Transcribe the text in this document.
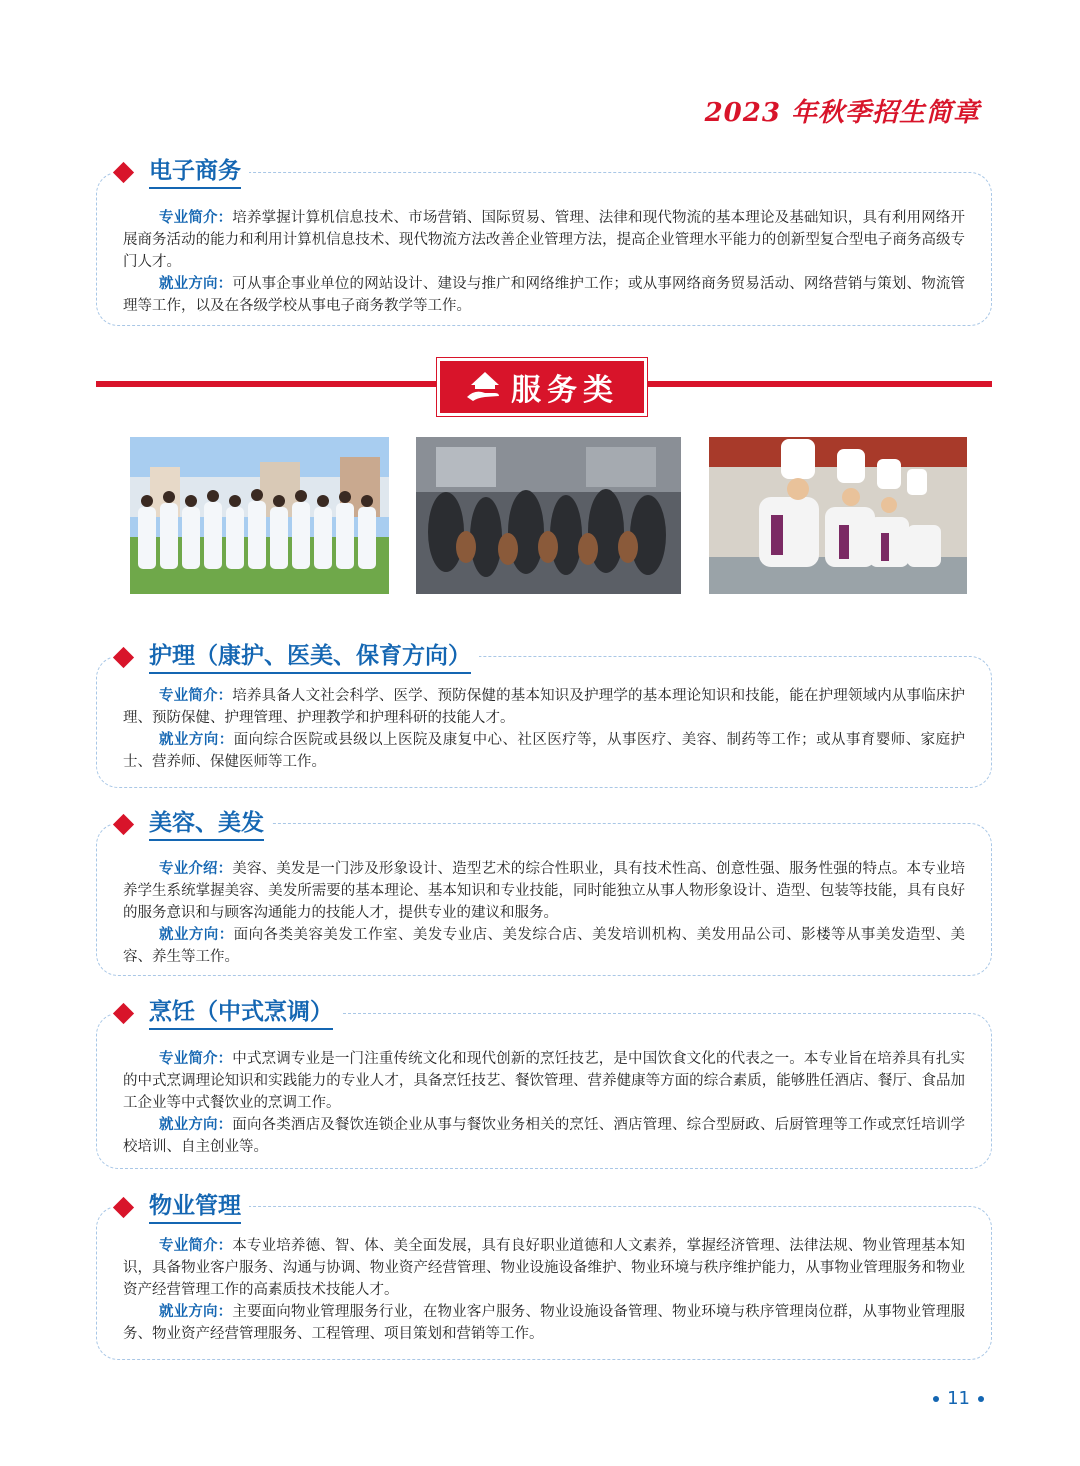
2023 年秋季招生简章

专业简介：培养掌握计算机信息技术、市场营销、国际贸易、管理、法律和现代物流的基本理论及基础知识，具有利用网络开展商务活动的能力和利用计算机信息技术、现代物流方法改善企业管理方法，提高企业管理水平能力的创新型复合型电子商务高级专门人才。

就业方向：可从事企事业单位的网站设计、建设与推广和网络维护工作；或从事网络商务贸易活动、网络营销与策划、物流管理等工作，以及在各级学校从事电子商务教学等工作。

电子商务
服务类

专业简介：培养具备人文社会科学、医学、预防保健的基本知识及护理学的基本理论知识和技能，能在护理领域内从事临床护理、预防保健、护理管理、护理教学和护理科研的技能人才。

就业方向：面向综合医院或县级以上医院及康复中心、社区医疗等，从事医疗、美容、制药等工作；或从事育婴师、家庭护士、营养师、保健医师等工作。

护理（康护、医美、保育方向）

专业介绍：美容、美发是一门涉及形象设计、造型艺术的综合性职业，具有技术性高、创意性强、服务性强的特点。本专业培养学生系统掌握美容、美发所需要的基本理论、基本知识和专业技能，同时能独立从事人物形象设计、造型、包装等技能，具有良好的服务意识和与顾客沟通能力的技能人才，提供专业的建议和服务。

就业方向：面向各类美容美发工作室、美发专业店、美发综合店、美发培训机构、美发用品公司、影楼等从事美发造型、美容、养生等工作。

美容、美发

专业简介：中式烹调专业是一门注重传统文化和现代创新的烹饪技艺，是中国饮食文化的代表之一。本专业旨在培养具有扎实的中式烹调理论知识和实践能力的专业人才，具备烹饪技艺、餐饮管理、营养健康等方面的综合素质，能够胜任酒店、餐厅、食品加工企业等中式餐饮业的烹调工作。

就业方向：面向各类酒店及餐饮连锁企业从事与餐饮业务相关的烹饪、酒店管理、综合型厨政、后厨管理等工作或烹饪培训学校培训、自主创业等。

烹饪（中式烹调）

专业简介：本专业培养德、智、体、美全面发展，具有良好职业道德和人文素养，掌握经济管理、法律法规、物业管理基本知识，具备物业客户服务、沟通与协调、物业资产经营管理、物业设施设备维护、物业环境与秩序维护能力，从事物业管理服务和物业资产经营管理工作的高素质技术技能人才。

就业方向：主要面向物业管理服务行业，在物业客户服务、物业设施设备管理、物业环境与秩序管理岗位群，从事物业管理服务、物业资产经营管理服务、工程管理、项目策划和营销等工作。

物业管理
11
